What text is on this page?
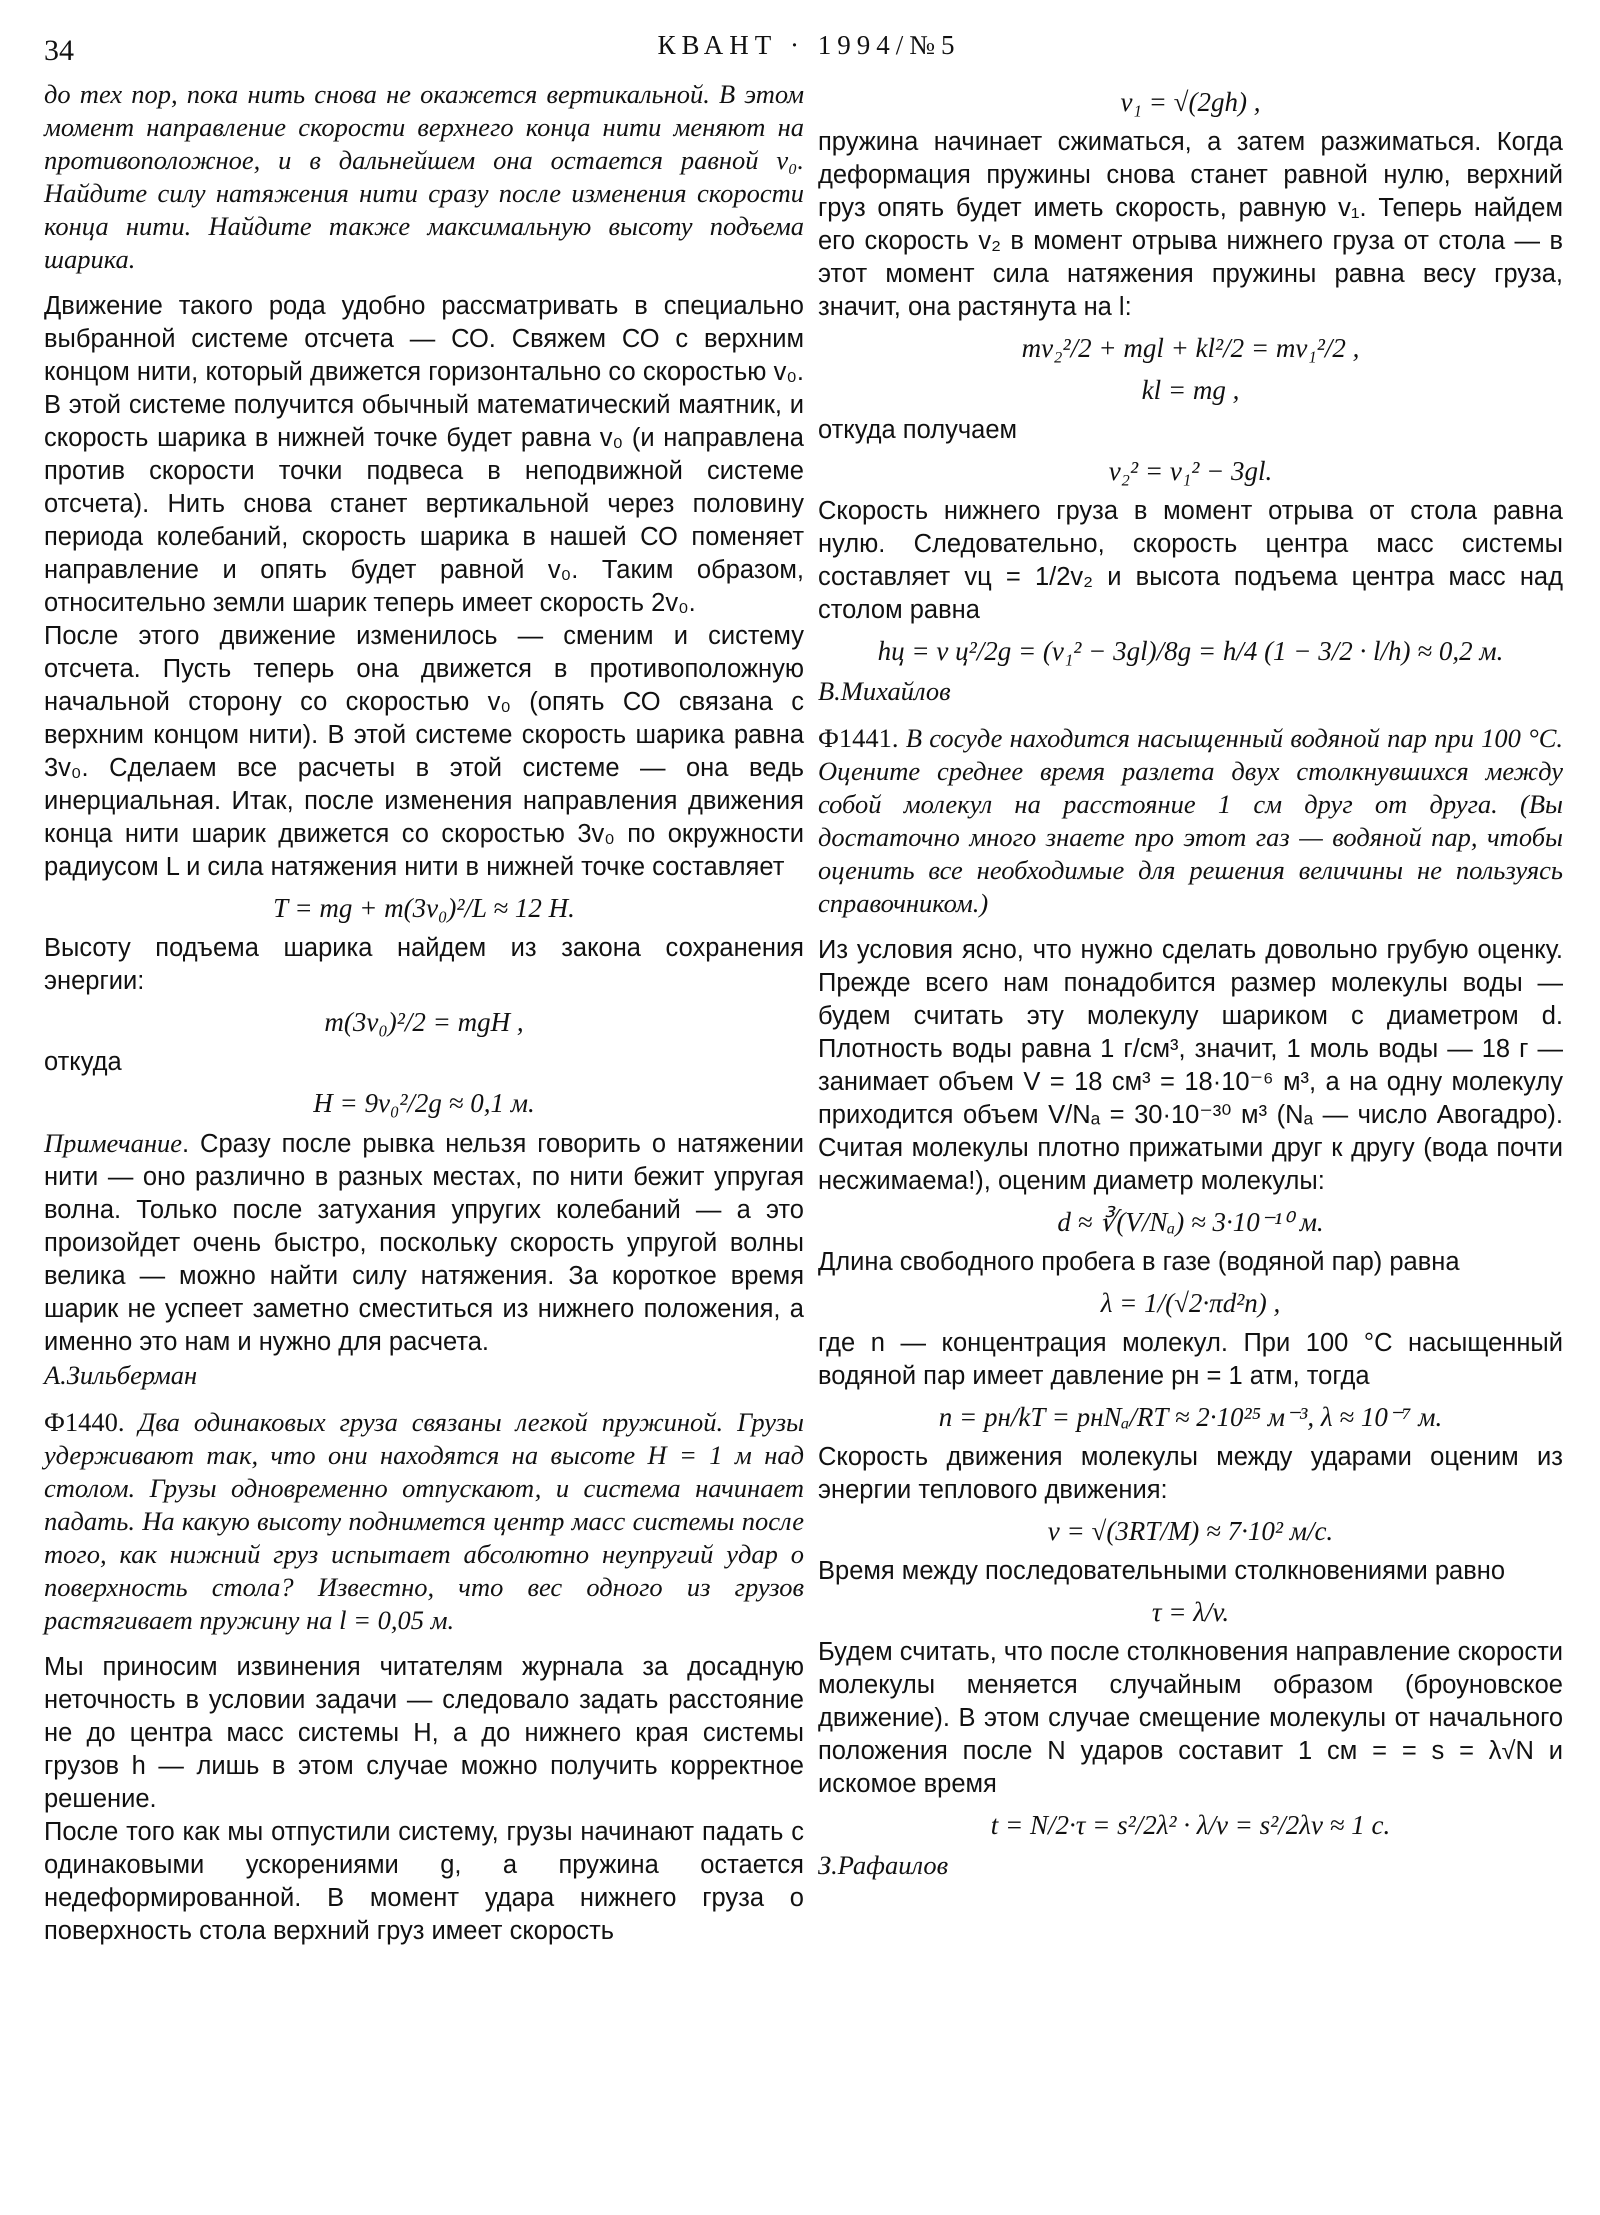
34	КВАНТ · 1994/№5

до тех пор, пока нить снова не окажется вертикальной. В этом момент направление скорости верхнего конца нити меняют на противоположное, и в дальнейшем она остается равной v₀. Найдите силу натяжения нити сразу после изменения скорости конца нити. Найдите также максимальную высоту подъема шарика.

Движение такого рода удобно рассматривать в специально выбранной системе отсчета — СО. Свяжем СО с верхним концом нити, который движется горизонтально со скоростью v₀. В этой системе получится обычный математический маятник, и скорость шарика в нижней точке будет равна v₀ (и направлена против скорости точки подвеса в неподвижной системе отсчета). Нить снова станет вертикальной через половину периода колебаний, скорость шарика в нашей СО поменяет направление и опять будет равной v₀. Таким образом, относительно земли шарик теперь имеет скорость 2v₀.

После этого движение изменилось — сменим и систему отсчета. Пусть теперь она движется в противоположную начальной сторону со скоростью v₀ (опять СО связана с верхним концом нити). В этой системе скорость шарика равна 3v₀. Сделаем все расчеты в этой системе — она ведь инерциальная. Итак, после изменения направления движения конца нити шарик движется со скоростью 3v₀ по окружности радиусом L и сила натяжения нити в нижней точке составляет

T = mg + m(3v₀)²/L ≈ 12 Н.

Высоту подъема шарика найдем из закона сохранения энергии:

m(3v₀)²/2 = mgH ,

откуда

H = 9v₀²/2g ≈ 0,1 м.

Примечание. Сразу после рывка нельзя говорить о натяжении нити — оно различно в разных местах, по нити бежит упругая волна. Только после затухания упругих колебаний — а это произойдет очень быстро, поскольку скорость упругой волны велика — можно найти силу натяжения. За короткое время шарик не успеет заметно сместиться из нижнего положения, а именно это нам и нужно для расчета.

А.Зильберман

Ф1440. Два одинаковых груза связаны легкой пружиной. Грузы удерживают так, что они находятся на высоте H = 1 м над столом. Грузы одновременно отпускают, и система начинает падать. На какую высоту поднимется центр масс системы после того, как нижний груз испытает абсолютно неупругий удар о поверхность стола? Известно, что вес одного из грузов растягивает пружину на l = 0,05 м.

Мы приносим извинения читателям журнала за досадную неточность в условии задачи — следовало задать расстояние не до центра масс системы H, а до нижнего края системы грузов h — лишь в этом случае можно получить корректное решение.

После того как мы отпустили систему, грузы начинают падать с одинаковыми ускорениями g, а пружина остается недеформированной. В момент удара нижнего груза о поверхность стола верхний груз имеет скорость

v₁ = √(2gh) ,

пружина начинает сжиматься, а затем разжиматься. Когда деформация пружины снова станет равной нулю, верхний груз опять будет иметь скорость, равную v₁. Теперь найдем его скорость v₂ в момент отрыва нижнего груза от стола — в этот момент сила натяжения пружины равна весу груза, значит, она растянута на l:

mv₂²/2 + mgl + kl²/2 = mv₁²/2 ,
kl = mg ,

откуда получаем

v₂² = v₁² − 3gl.

Скорость нижнего груза в момент отрыва от стола равна нулю. Следовательно, скорость центра масс системы составляет vц = 1/2v₂ и высота подъема центра масс над столом равна

hц = v ц²/2g = (v₁² − 3gl)/8g = h/4 (1 − 3/2 · l/h) ≈ 0,2 м.

В.Михайлов

Ф1441. В сосуде находится насыщенный водяной пар при 100 °С. Оцените среднее время разлета двух столкнувшихся между собой молекул на расстояние 1 см друг от друга. (Вы достаточно много знаете про этот газ — водяной пар, чтобы оценить все необходимые для решения величины не пользуясь справочником.)

Из условия ясно, что нужно сделать довольно грубую оценку. Прежде всего нам понадобится размер молекулы воды — будем считать эту молекулу шариком с диаметром d. Плотность воды равна 1 г/см³, значит, 1 моль воды — 18 г — занимает объем V = 18 см³ = 18·10⁻⁶ м³, а на одну молекулу приходится объем V/Nₐ = 30·10⁻³⁰ м³ (Nₐ — число Авогадро). Считая молекулы плотно прижатыми друг к другу (вода почти несжимаема!), оценим диаметр молекулы:

d ≈ ∛(V/Nₐ) ≈ 3·10⁻¹⁰ м.

Длина свободного пробега в газе (водяной пар) равна

λ = 1/(√2·πd²n) ,

где n — концентрация молекул. При 100 °С насыщенный водяной пар имеет давление pн = 1 атм, тогда

n = pн/kT = pнNₐ/RT ≈ 2·10²⁵ м⁻³, λ ≈ 10⁻⁷ м.

Скорость движения молекулы между ударами оценим из энергии теплового движения:

v = √(3RT/M) ≈ 7·10² м/с.

Время между последовательными столкновениями равно

τ = λ/v.

Будем считать, что после столкновения направление скорости молекулы меняется случайным образом (броуновское движение). В этом случае смещение молекулы от начального положения после N ударов составит 1 см = = s = λ√N и искомое время

t = N/2·τ = s²/2λ² · λ/v = s²/2λv ≈ 1 с.

З.Рафаилов
